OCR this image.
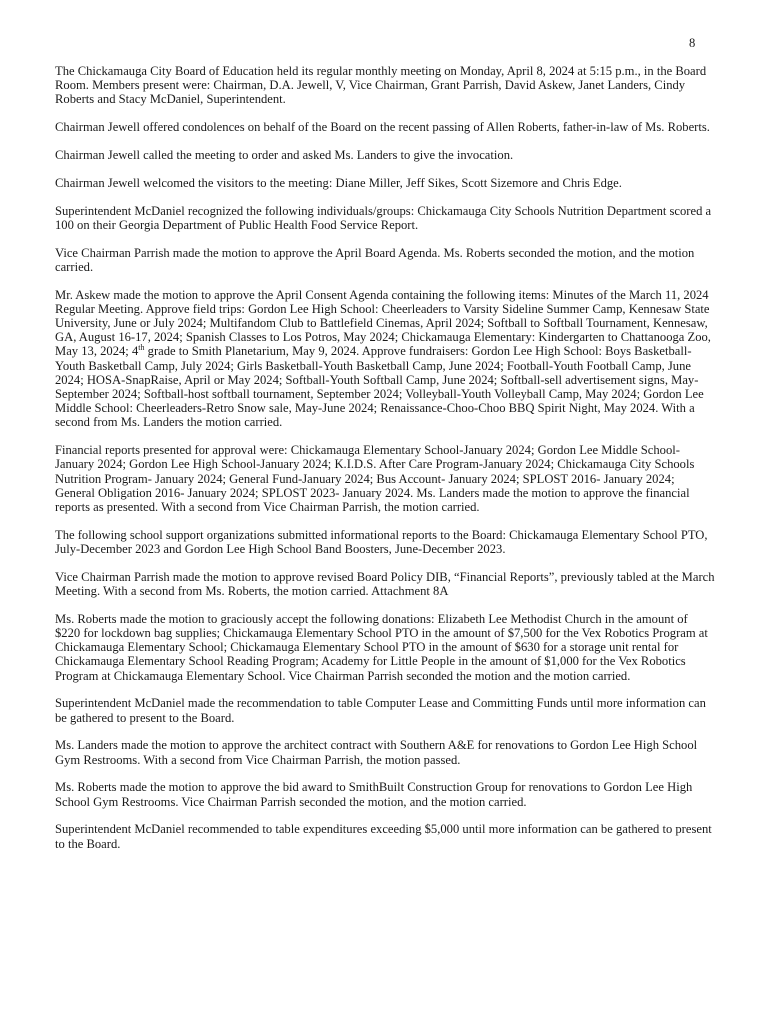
8

The Chickamauga City Board of Education held its regular monthly meeting on Monday, April 8, 2024 at 5:15 p.m., in the Board Room. Members present were: Chairman, D.A. Jewell, V, Vice Chairman, Grant Parrish, David Askew, Janet Landers, Cindy Roberts and Stacy McDaniel, Superintendent.

Chairman Jewell offered condolences on behalf of the Board on the recent passing of Allen Roberts, father-in-law of Ms. Roberts.

Chairman Jewell called the meeting to order and asked Ms. Landers to give the invocation.

Chairman Jewell welcomed the visitors to the meeting: Diane Miller, Jeff Sikes, Scott Sizemore and Chris Edge.

Superintendent McDaniel recognized the following individuals/groups: Chickamauga City Schools Nutrition Department scored a 100 on their Georgia Department of Public Health Food Service Report.

Vice Chairman Parrish made the motion to approve the April Board Agenda. Ms. Roberts seconded the motion, and the motion carried.

Mr. Askew made the motion to approve the April Consent Agenda containing the following items: Minutes of the March 11, 2024 Regular Meeting. Approve field trips: Gordon Lee High School: Cheerleaders to Varsity Sideline Summer Camp, Kennesaw State University, June or July 2024; Multifandom Club to Battlefield Cinemas, April 2024; Softball to Softball Tournament, Kennesaw, GA, August 16-17, 2024; Spanish Classes to Los Potros, May 2024; Chickamauga Elementary: Kindergarten to Chattanooga Zoo, May 13, 2024; 4th grade to Smith Planetarium, May 9, 2024. Approve fundraisers: Gordon Lee High School: Boys Basketball-Youth Basketball Camp, July 2024; Girls Basketball-Youth Basketball Camp, June 2024; Football-Youth Football Camp, June 2024; HOSA-SnapRaise, April or May 2024; Softball-Youth Softball Camp, June 2024; Softball-sell advertisement signs, May-September 2024; Softball-host softball tournament, September 2024; Volleyball-Youth Volleyball Camp, May 2024; Gordon Lee Middle School: Cheerleaders-Retro Snow sale, May-June 2024; Renaissance-Choo-Choo BBQ Spirit Night, May 2024. With a second from Ms. Landers the motion carried.

Financial reports presented for approval were: Chickamauga Elementary School-January 2024; Gordon Lee Middle School-January 2024; Gordon Lee High School-January 2024; K.I.D.S. After Care Program-January 2024; Chickamauga City Schools Nutrition Program- January 2024; General Fund-January 2024; Bus Account- January 2024; SPLOST 2016- January 2024; General Obligation 2016- January 2024; SPLOST 2023- January 2024. Ms. Landers made the motion to approve the financial reports as presented. With a second from Vice Chairman Parrish, the motion carried.

The following school support organizations submitted informational reports to the Board: Chickamauga Elementary School PTO, July-December 2023 and Gordon Lee High School Band Boosters, June-December 2023.

Vice Chairman Parrish made the motion to approve revised Board Policy DIB, “Financial Reports”, previously tabled at the March Meeting. With a second from Ms. Roberts, the motion carried. Attachment 8A

Ms. Roberts made the motion to graciously accept the following donations: Elizabeth Lee Methodist Church in the amount of $220 for lockdown bag supplies; Chickamauga Elementary School PTO in the amount of $7,500 for the Vex Robotics Program at Chickamauga Elementary School; Chickamauga Elementary School PTO in the amount of $630 for a storage unit rental for Chickamauga Elementary School Reading Program; Academy for Little People in the amount of $1,000 for the Vex Robotics Program at Chickamauga Elementary School. Vice Chairman Parrish seconded the motion and the motion carried.

Superintendent McDaniel made the recommendation to table Computer Lease and Committing Funds until more information can be gathered to present to the Board.

Ms. Landers made the motion to approve the architect contract with Southern A&E for renovations to Gordon Lee High School Gym Restrooms. With a second from Vice Chairman Parrish, the motion passed.

Ms. Roberts made the motion to approve the bid award to SmithBuilt Construction Group for renovations to Gordon Lee High School Gym Restrooms. Vice Chairman Parrish seconded the motion, and the motion carried.

Superintendent McDaniel recommended to table expenditures exceeding $5,000 until more information can be gathered to present to the Board.
